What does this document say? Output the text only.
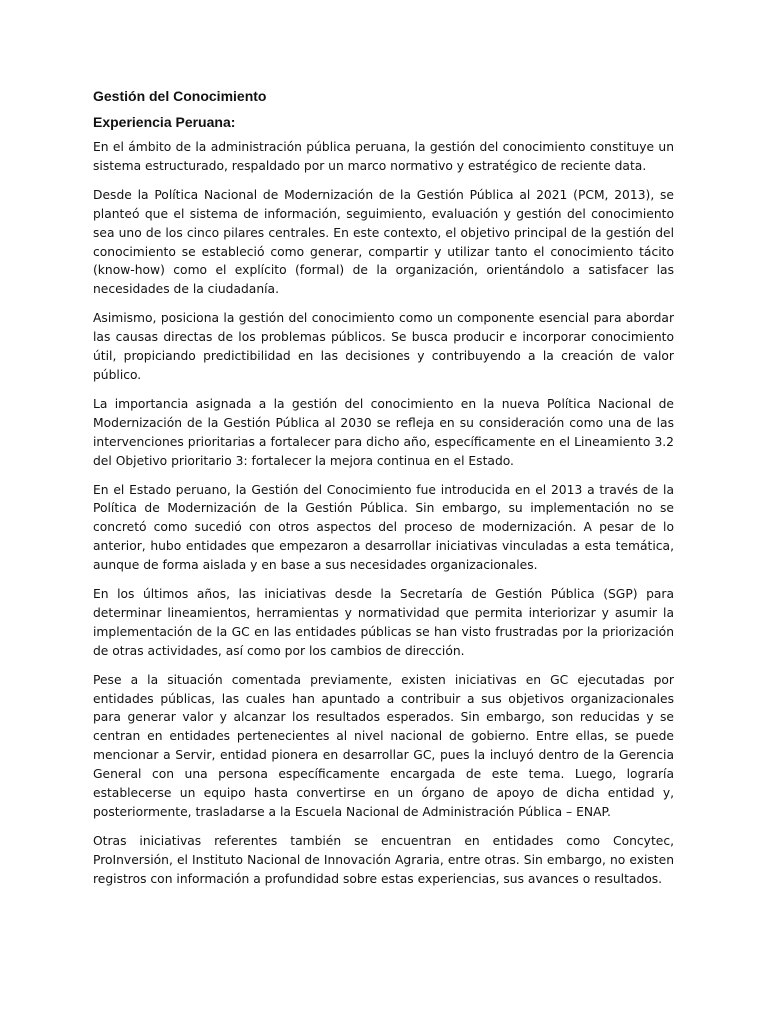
Gestión del Conocimiento

Experiencia Peruana:

En el ámbito de la administración pública peruana, la gestión del conocimiento constituye un sistema estructurado, respaldado por un marco normativo y estratégico de reciente data.

Desde la Política Nacional de Modernización de la Gestión Pública al 2021 (PCM, 2013), se planteó que el sistema de información, seguimiento, evaluación y gestión del conocimiento sea uno de los cinco pilares centrales. En este contexto, el objetivo principal de la gestión del conocimiento se estableció como generar, compartir y utilizar tanto el conocimiento tácito (know-how) como el explícito (formal) de la organización, orientándolo a satisfacer las necesidades de la ciudadanía.

Asimismo, posiciona la gestión del conocimiento como un componente esencial para abordar las causas directas de los problemas públicos. Se busca producir e incorporar conocimiento útil, propiciando predictibilidad en las decisiones y contribuyendo a la creación de valor público.

La importancia asignada a la gestión del conocimiento en la nueva Política Nacional de Modernización de la Gestión Pública al 2030 se refleja en su consideración como una de las intervenciones prioritarias a fortalecer para dicho año, específicamente en el Lineamiento 3.2 del Objetivo prioritario 3: fortalecer la mejora continua en el Estado.

En el Estado peruano, la Gestión del Conocimiento fue introducida en el 2013 a través de la Política de Modernización de la Gestión Pública. Sin embargo, su implementación no se concretó como sucedió con otros aspectos del proceso de modernización. A pesar de lo anterior, hubo entidades que empezaron a desarrollar iniciativas vinculadas a esta temática, aunque de forma aislada y en base a sus necesidades organizacionales.

En los últimos años, las iniciativas desde la Secretaría de Gestión Pública (SGP) para determinar lineamientos, herramientas y normatividad que permita interiorizar y asumir la implementación de la GC en las entidades públicas se han visto frustradas por la priorización de otras actividades, así como por los cambios de dirección.

Pese a la situación comentada previamente, existen iniciativas en GC ejecutadas por entidades públicas, las cuales han apuntado a contribuir a sus objetivos organizacionales para generar valor y alcanzar los resultados esperados. Sin embargo, son reducidas y se centran en entidades pertenecientes al nivel nacional de gobierno. Entre ellas, se puede mencionar a Servir, entidad pionera en desarrollar GC, pues la incluyó dentro de la Gerencia General con una persona específicamente encargada de este tema. Luego, lograría establecerse un equipo hasta convertirse en un órgano de apoyo de dicha entidad y, posteriormente, trasladarse a la Escuela Nacional de Administración Pública – ENAP.

Otras iniciativas referentes también se encuentran en entidades como Concytec, ProInversión, el Instituto Nacional de Innovación Agraria, entre otras. Sin embargo, no existen registros con información a profundidad sobre estas experiencias, sus avances o resultados.
